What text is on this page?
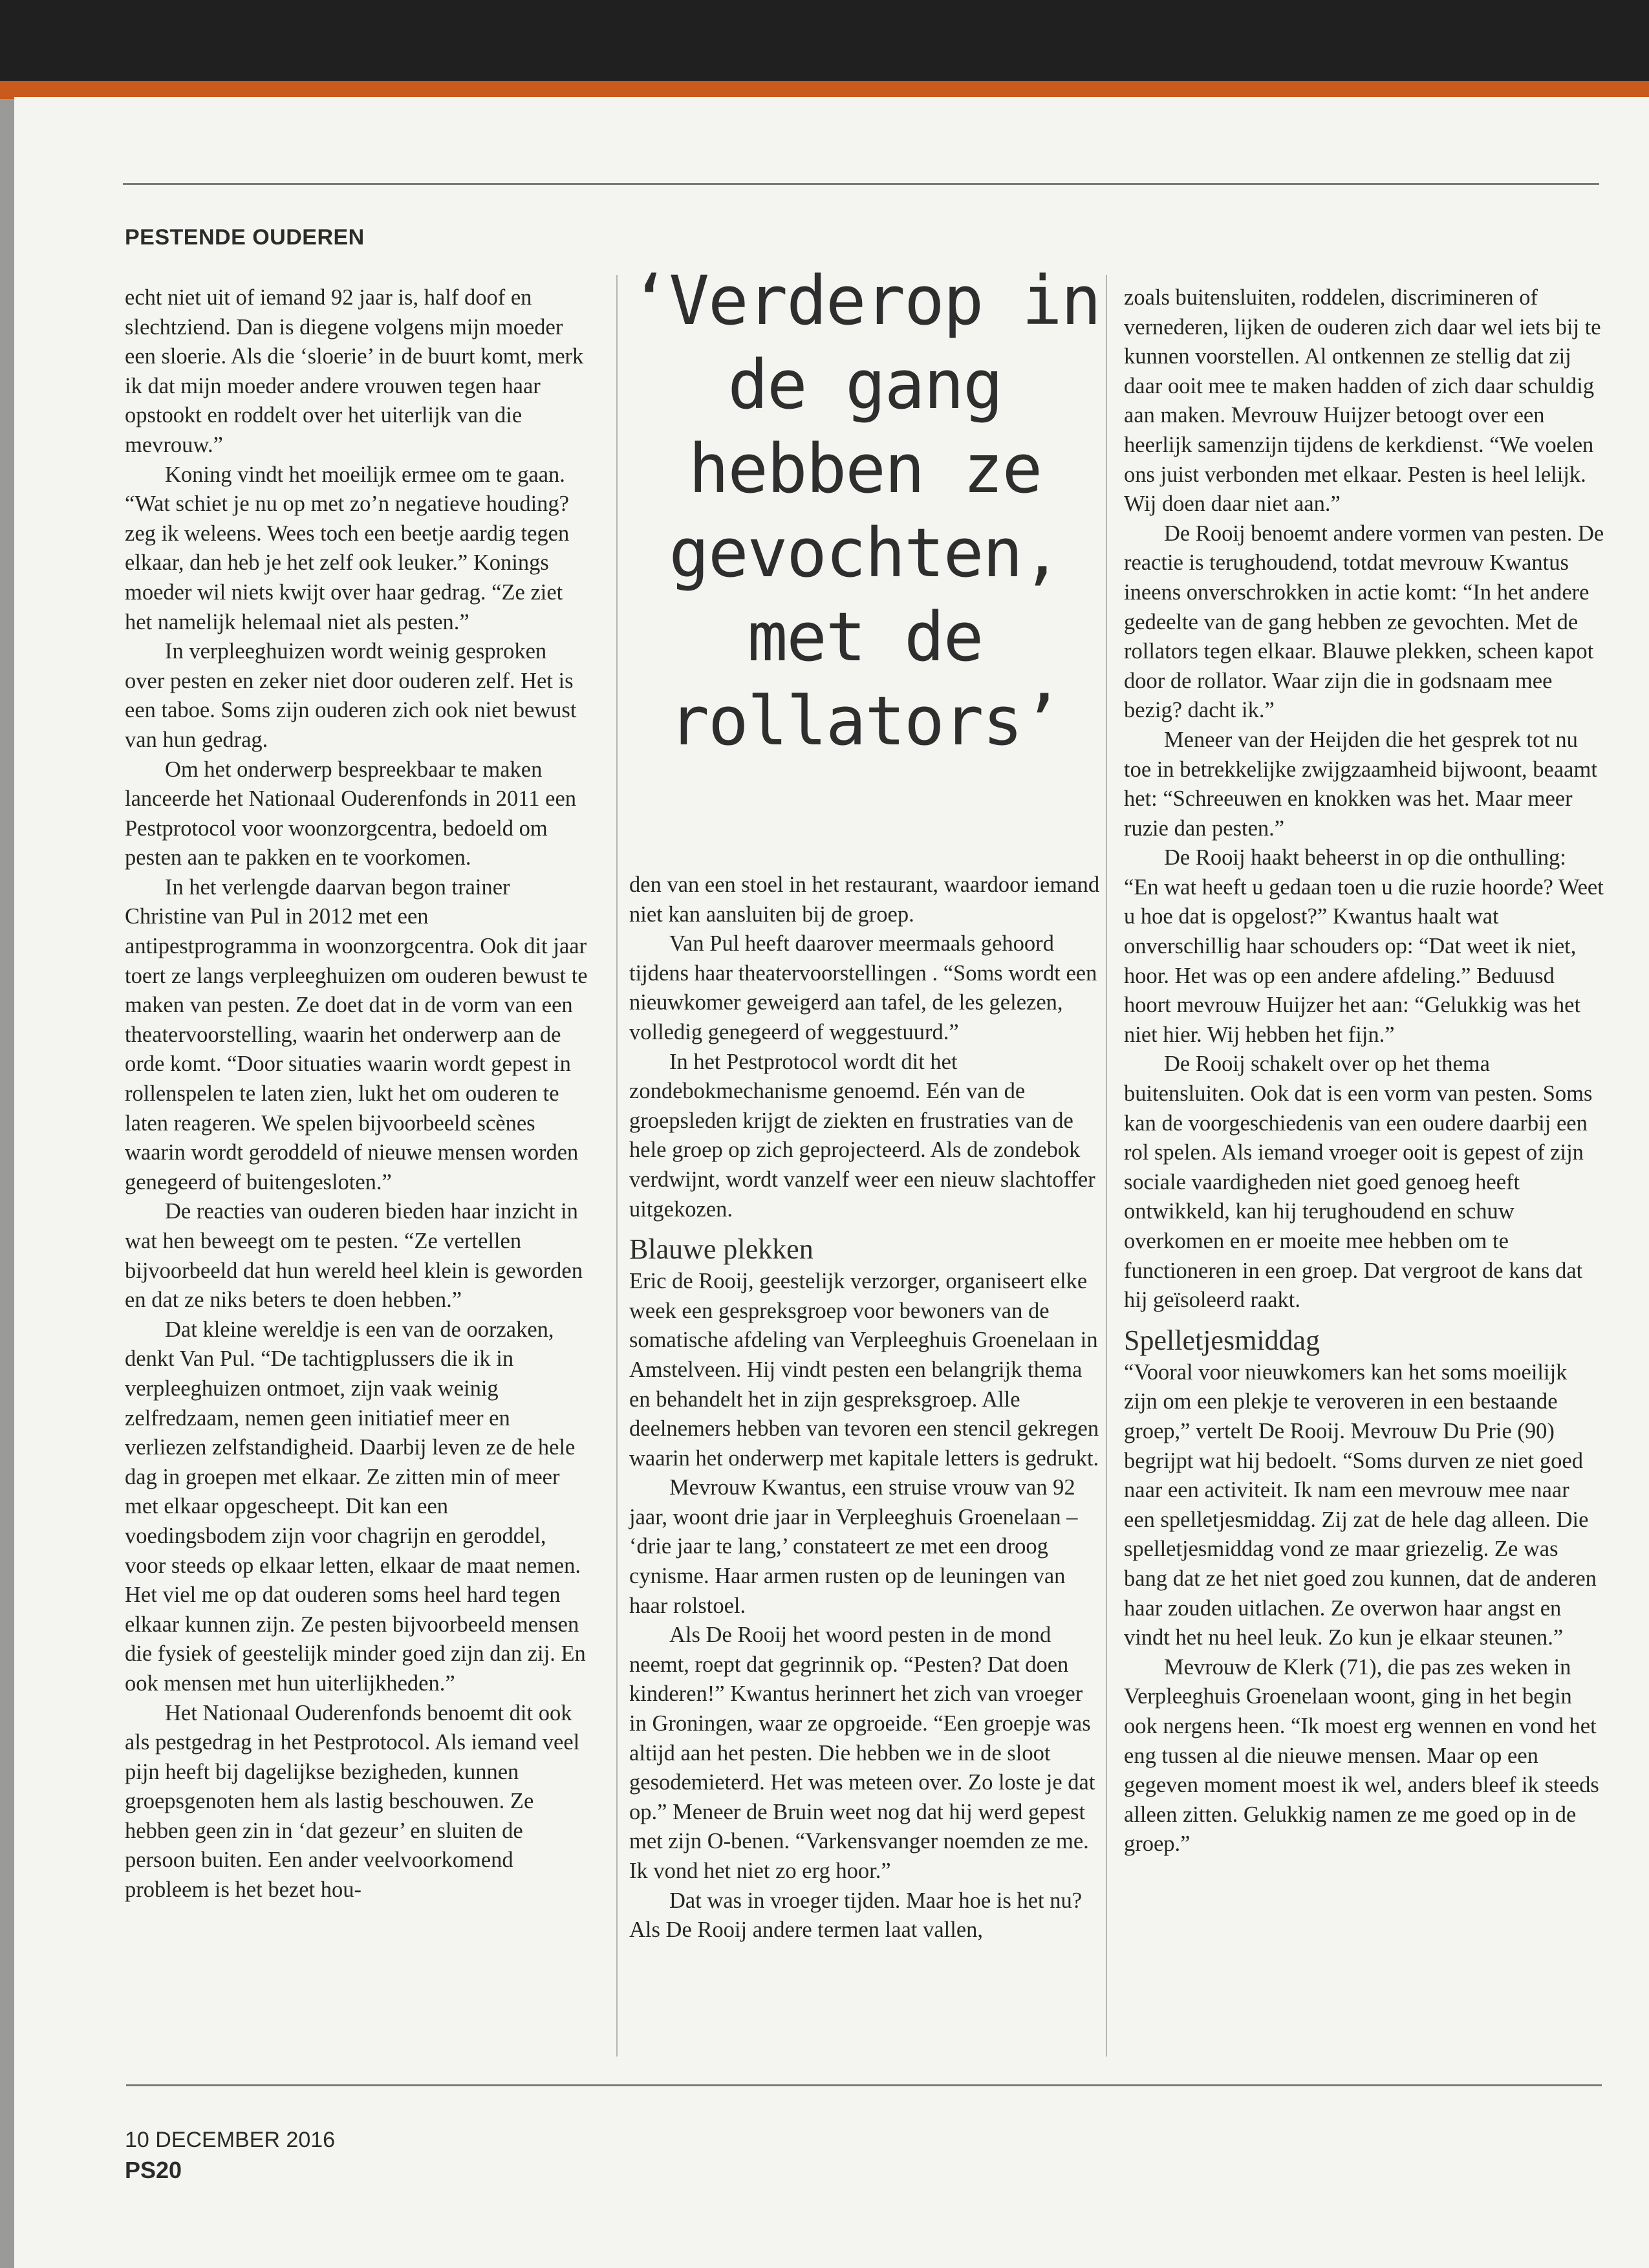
PESTENDE OUDEREN

echt niet uit of iemand 92 jaar is, half doof en slechtziend. Dan is diegene volgens mijn moeder een sloerie. Als die ‘sloerie’ in de buurt komt, merk ik dat mijn moeder andere vrouwen tegen haar opstookt en roddelt over het uiterlijk van die mevrouw.”

Koning vindt het moeilijk ermee om te gaan. “Wat schiet je nu op met zo’n negatieve houding? zeg ik weleens. Wees toch een beetje aardig tegen elkaar, dan heb je het zelf ook leuker.” Konings moeder wil niets kwijt over haar gedrag. “Ze ziet het namelijk helemaal niet als pesten.”

In verpleeghuizen wordt weinig gesproken over pesten en zeker niet door ouderen zelf. Het is een taboe. Soms zijn ouderen zich ook niet bewust van hun gedrag.

Om het onderwerp bespreekbaar te maken lanceerde het Nationaal Ouderenfonds in 2011 een Pestprotocol voor woonzorgcentra, bedoeld om pesten aan te pakken en te voorkomen.

In het verlengde daarvan begon trainer Christine van Pul in 2012 met een antipestprogramma in woonzorgcentra. Ook dit jaar toert ze langs verpleeghuizen om ouderen bewust te maken van pesten. Ze doet dat in de vorm van een theatervoorstelling, waarin het onderwerp aan de orde komt. “Door situaties waarin wordt gepest in rollenspelen te laten zien, lukt het om ouderen te laten reageren. We spelen bijvoorbeeld scènes waarin wordt geroddeld of nieuwe mensen worden genegeerd of buitengesloten.”

De reacties van ouderen bieden haar inzicht in wat hen beweegt om te pesten. “Ze vertellen bijvoorbeeld dat hun wereld heel klein is geworden en dat ze niks beters te doen hebben.”

Dat kleine wereldje is een van de oorzaken, denkt Van Pul. “De tachtigplussers die ik in verpleeghuizen ontmoet, zijn vaak weinig zelfredzaam, nemen geen initiatief meer en verliezen zelfstandigheid. Daarbij leven ze de hele dag in groepen met elkaar. Ze zitten min of meer met elkaar opgescheept. Dit kan een voedingsbodem zijn voor chagrijn en geroddel, voor steeds op elkaar letten, elkaar de maat nemen. Het viel me op dat ouderen soms heel hard tegen elkaar kunnen zijn. Ze pesten bijvoorbeeld mensen die fysiek of geestelijk minder goed zijn dan zij. En ook mensen met hun uiterlijkheden.”

Het Nationaal Ouderenfonds benoemt dit ook als pestgedrag in het Pestprotocol. Als iemand veel pijn heeft bij dagelijkse bezigheden, kunnen groepsgenoten hem als lastig beschouwen. Ze hebben geen zin in ‘dat gezeur’ en sluiten de persoon buiten. Een ander veelvoorkomend probleem is het bezet hou-

‘Verderop in de gang hebben ze gevochten, met de rollators’

den van een stoel in het restaurant, waardoor iemand niet kan aansluiten bij de groep.

Van Pul heeft daarover meermaals gehoord tijdens haar theatervoorstellingen . “Soms wordt een nieuwkomer geweigerd aan tafel, de les gelezen, volledig genegeerd of weggestuurd.”

In het Pestprotocol wordt dit het zondebokmechanisme genoemd. Eén van de groepsleden krijgt de ziekten en frustraties van de hele groep op zich geprojecteerd. Als de zondebok verdwijnt, wordt vanzelf weer een nieuw slachtoffer uitgekozen.

Blauwe plekken

Eric de Rooij, geestelijk verzorger, organiseert elke week een gespreksgroep voor bewoners van de somatische afdeling van Verpleeghuis Groenelaan in Amstelveen. Hij vindt pesten een belangrijk thema en behandelt het in zijn gespreksgroep. Alle deelnemers hebben van tevoren een stencil gekregen waarin het onderwerp met kapitale letters is gedrukt.

Mevrouw Kwantus, een struise vrouw van 92 jaar, woont drie jaar in Verpleeghuis Groenelaan – ‘drie jaar te lang,’ constateert ze met een droog cynisme. Haar armen rusten op de leuningen van haar rolstoel.

Als De Rooij het woord pesten in de mond neemt, roept dat gegrinnik op. “Pesten? Dat doen kinderen!” Kwantus herinnert het zich van vroeger in Groningen, waar ze opgroeide. “Een groepje was altijd aan het pesten. Die hebben we in de sloot gesodemieterd. Het was meteen over. Zo loste je dat op.” Meneer de Bruin weet nog dat hij werd gepest met zijn O-benen. “Varkensvanger noemden ze me. Ik vond het niet zo erg hoor.”

Dat was in vroeger tijden. Maar hoe is het nu? Als De Rooij andere termen laat vallen,

zoals buitensluiten, roddelen, discrimineren of vernederen, lijken de ouderen zich daar wel iets bij te kunnen voorstellen. Al ontkennen ze stellig dat zij daar ooit mee te maken hadden of zich daar schuldig aan maken. Mevrouw Huijzer betoogt over een heerlijk samenzijn tijdens de kerkdienst. “We voelen ons juist verbonden met elkaar. Pesten is heel lelijk. Wij doen daar niet aan.”

De Rooij benoemt andere vormen van pesten. De reactie is terughoudend, totdat mevrouw Kwantus ineens onverschrokken in actie komt: “In het andere gedeelte van de gang hebben ze gevochten. Met de rollators tegen elkaar. Blauwe plekken, scheen kapot door de rollator. Waar zijn die in godsnaam mee bezig? dacht ik.”

Meneer van der Heijden die het gesprek tot nu toe in betrekkelijke zwijgzaamheid bijwoont, beaamt het: “Schreeuwen en knokken was het. Maar meer ruzie dan pesten.”

De Rooij haakt beheerst in op die onthulling: “En wat heeft u gedaan toen u die ruzie hoorde? Weet u hoe dat is opgelost?” Kwantus haalt wat onverschillig haar schouders op: “Dat weet ik niet, hoor. Het was op een andere afdeling.” Beduusd hoort mevrouw Huijzer het aan: “Gelukkig was het niet hier. Wij hebben het fijn.”

De Rooij schakelt over op het thema buitensluiten. Ook dat is een vorm van pesten. Soms kan de voorgeschiedenis van een oudere daarbij een rol spelen. Als iemand vroeger ooit is gepest of zijn sociale vaardigheden niet goed genoeg heeft ontwikkeld, kan hij terughoudend en schuw overkomen en er moeite mee hebben om te functioneren in een groep. Dat vergroot de kans dat hij geïsoleerd raakt.

Spelletjesmiddag

“Vooral voor nieuwkomers kan het soms moeilijk zijn om een plekje te veroveren in een bestaande groep,” vertelt De Rooij. Mevrouw Du Prie (90) begrijpt wat hij bedoelt. “Soms durven ze niet goed naar een activiteit. Ik nam een mevrouw mee naar een spelletjesmiddag. Zij zat de hele dag alleen. Die spelletjesmiddag vond ze maar griezelig. Ze was bang dat ze het niet goed zou kunnen, dat de anderen haar zouden uitlachen. Ze overwon haar angst en vindt het nu heel leuk. Zo kun je elkaar steunen.”

Mevrouw de Klerk (71), die pas zes weken in Verpleeghuis Groenelaan woont, ging in het begin ook nergens heen. “Ik moest erg wennen en vond het eng tussen al die nieuwe mensen. Maar op een gegeven moment moest ik wel, anders bleef ik steeds alleen zitten. Gelukkig namen ze me goed op in de groep.”

10 DECEMBER 2016
PS20
